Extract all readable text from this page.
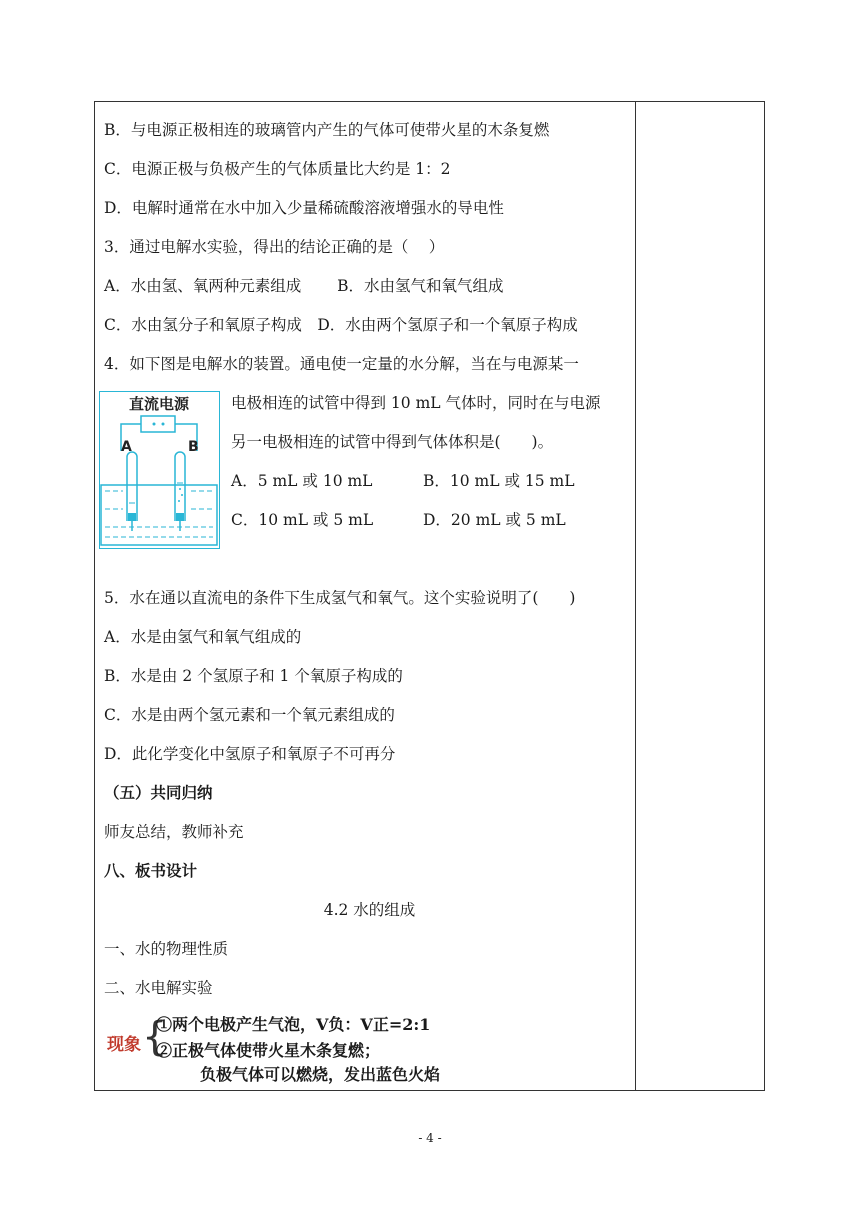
B．与电源正极相连的玻璃管内产生的气体可使带火星的木条复燃
C．电源正极与负极产生的气体质量比大约是 1：2
D．电解时通常在水中加入少量稀硫酸溶液增强水的导电性
3．通过电解水实验，得出的结论正确的是（　 ）
A．水由氢、氧两种元素组成　　 B．水由氢气和氧气组成
C．水由氢分子和氧原子构成　D．水由两个氢原子和一个氧原子构成
4．如下图是电解水的装置。通电使一定量的水分解，当在与电源某一
直流电源
A	B
电极相连的试管中得到 10 mL 气体时，同时在与电源
另一电极相连的试管中得到气体体积是(　　)。
A．5 mL 或 10 mL	B．10 mL 或 15 mL
C．10 mL 或 5 mL	D．20 mL 或 5 mL
5．水在通以直流电的条件下生成氢气和氧气。这个实验说明了(　　)
A．水是由氢气和氧气组成的
B．水是由 2 个氢原子和 1 个氧原子构成的
C．水是由两个氢元素和一个氧元素组成的
D．此化学变化中氢原子和氧原子不可再分
（五）共同归纳
师友总结，教师补充
八、板书设计
4.2 水的组成
一、水的物理性质
二、水电解实验
现象 {
①两个电极产生气泡，V负：V正=2:1
②正极气体使带火星木条复燃；
负极气体可以燃烧，发出蓝色火焰
- 4 -
